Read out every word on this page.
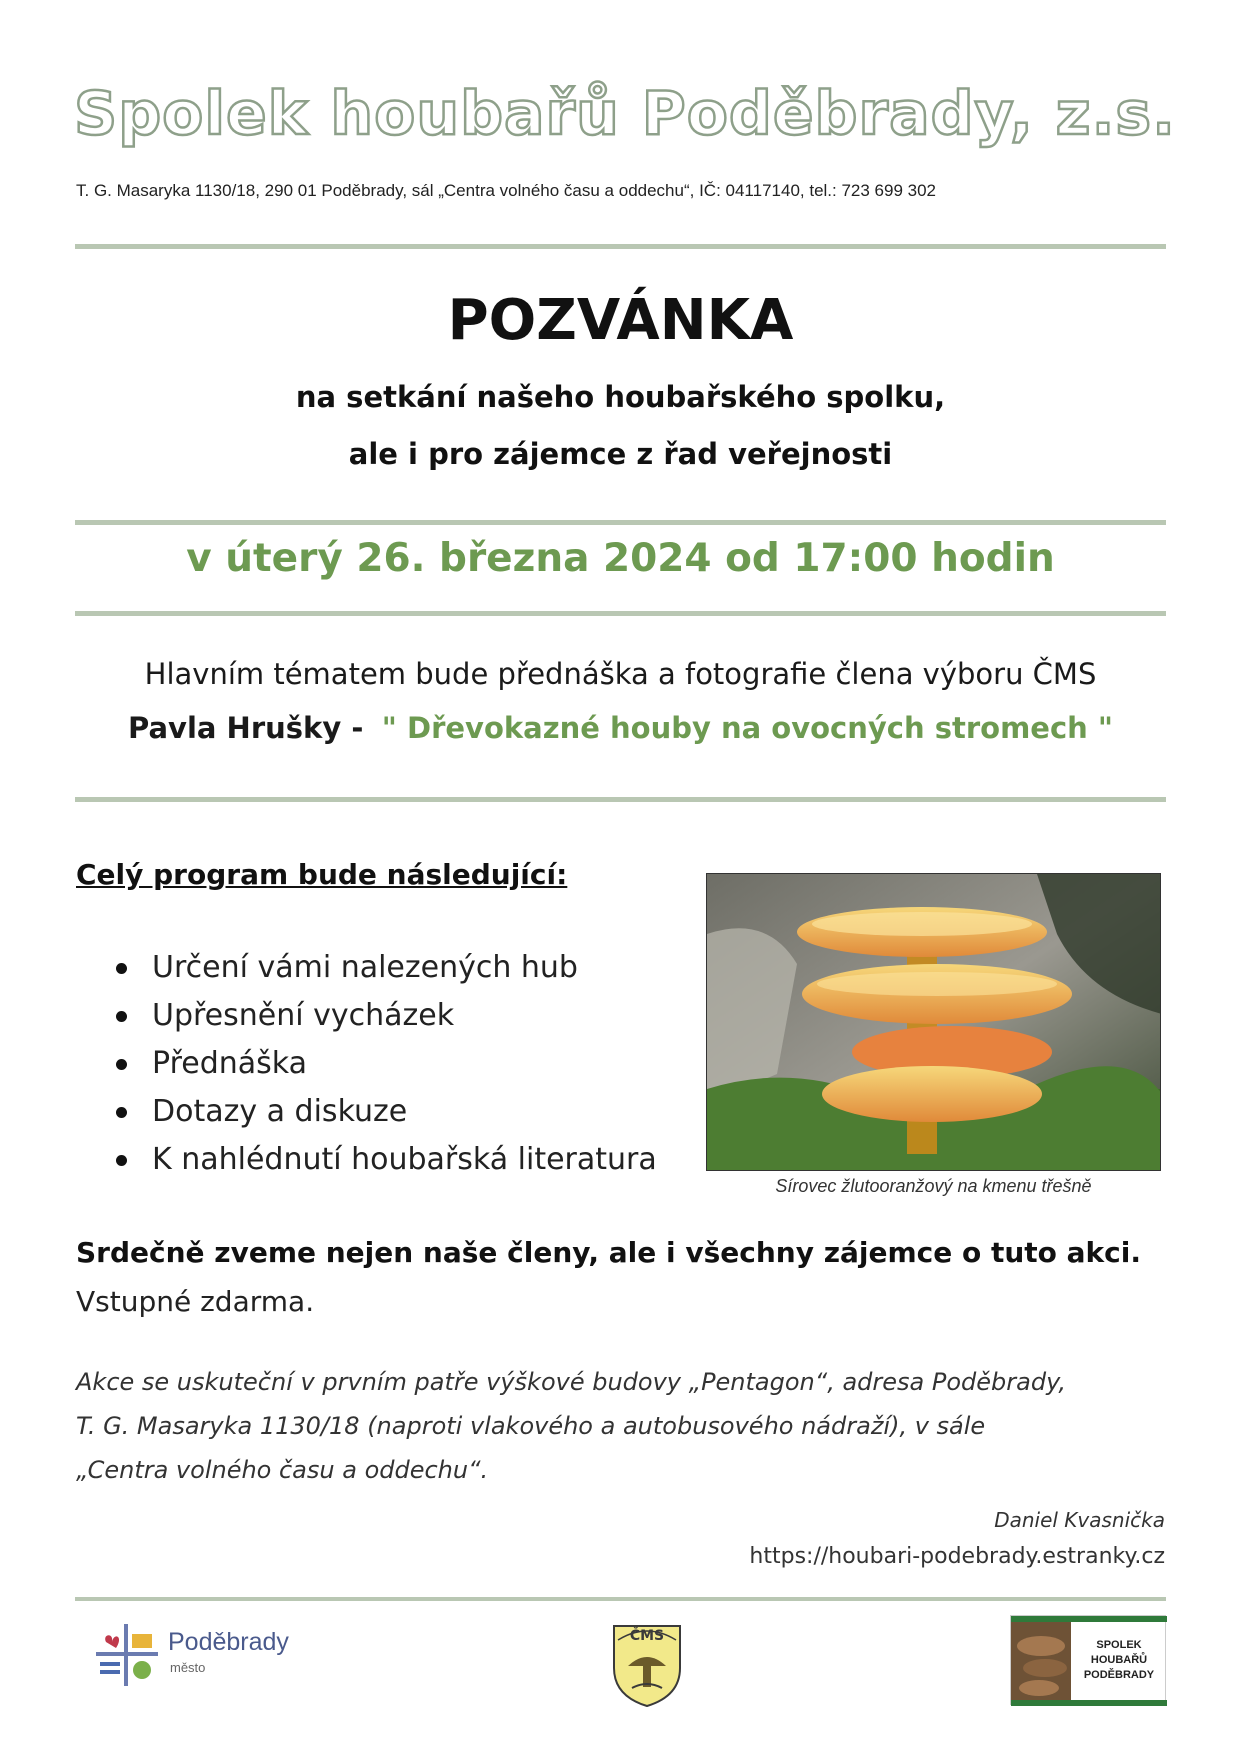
Spolek houbařů Poděbrady, z.s.
T. G. Masaryka 1130/18, 290 01 Poděbrady, sál „Centra volného času a oddechu“, IČ: 04117140, tel.: 723 699 302
POZVÁNKA
na setkání našeho houbařského spolku,
ale i pro zájemce z řad veřejnosti
v úterý 26. března 2024 od 17:00 hodin
Hlavním tématem bude přednáška a fotografie člena výboru ČMS
Pavla Hrušky - " Dřevokazné houby na ovocných stromech "
Celý program bude následující:
Určení vámi nalezených hub
Upřesnění vycházek
Přednáška
Dotazy a diskuze
K nahlédnutí houbařská literatura
Sírovec žlutooranžový na kmenu třešně
Srdečně zveme nejen naše členy, ale i všechny zájemce o tuto akci.
Vstupné zdarma.
Akce se uskuteční v prvním patře výškové budovy „Pentagon“, adresa Poděbrady,
T. G. Masaryka 1130/18 (naproti vlakového a autobusového nádraží), v sále
„Centra volného času a oddechu“.
Daniel Kvasnička
https://houbari-podebrady.estranky.cz
Poděbrady
město
ČMS
SPOLEK
HOUBAŘŮ
PODĚBRADY
